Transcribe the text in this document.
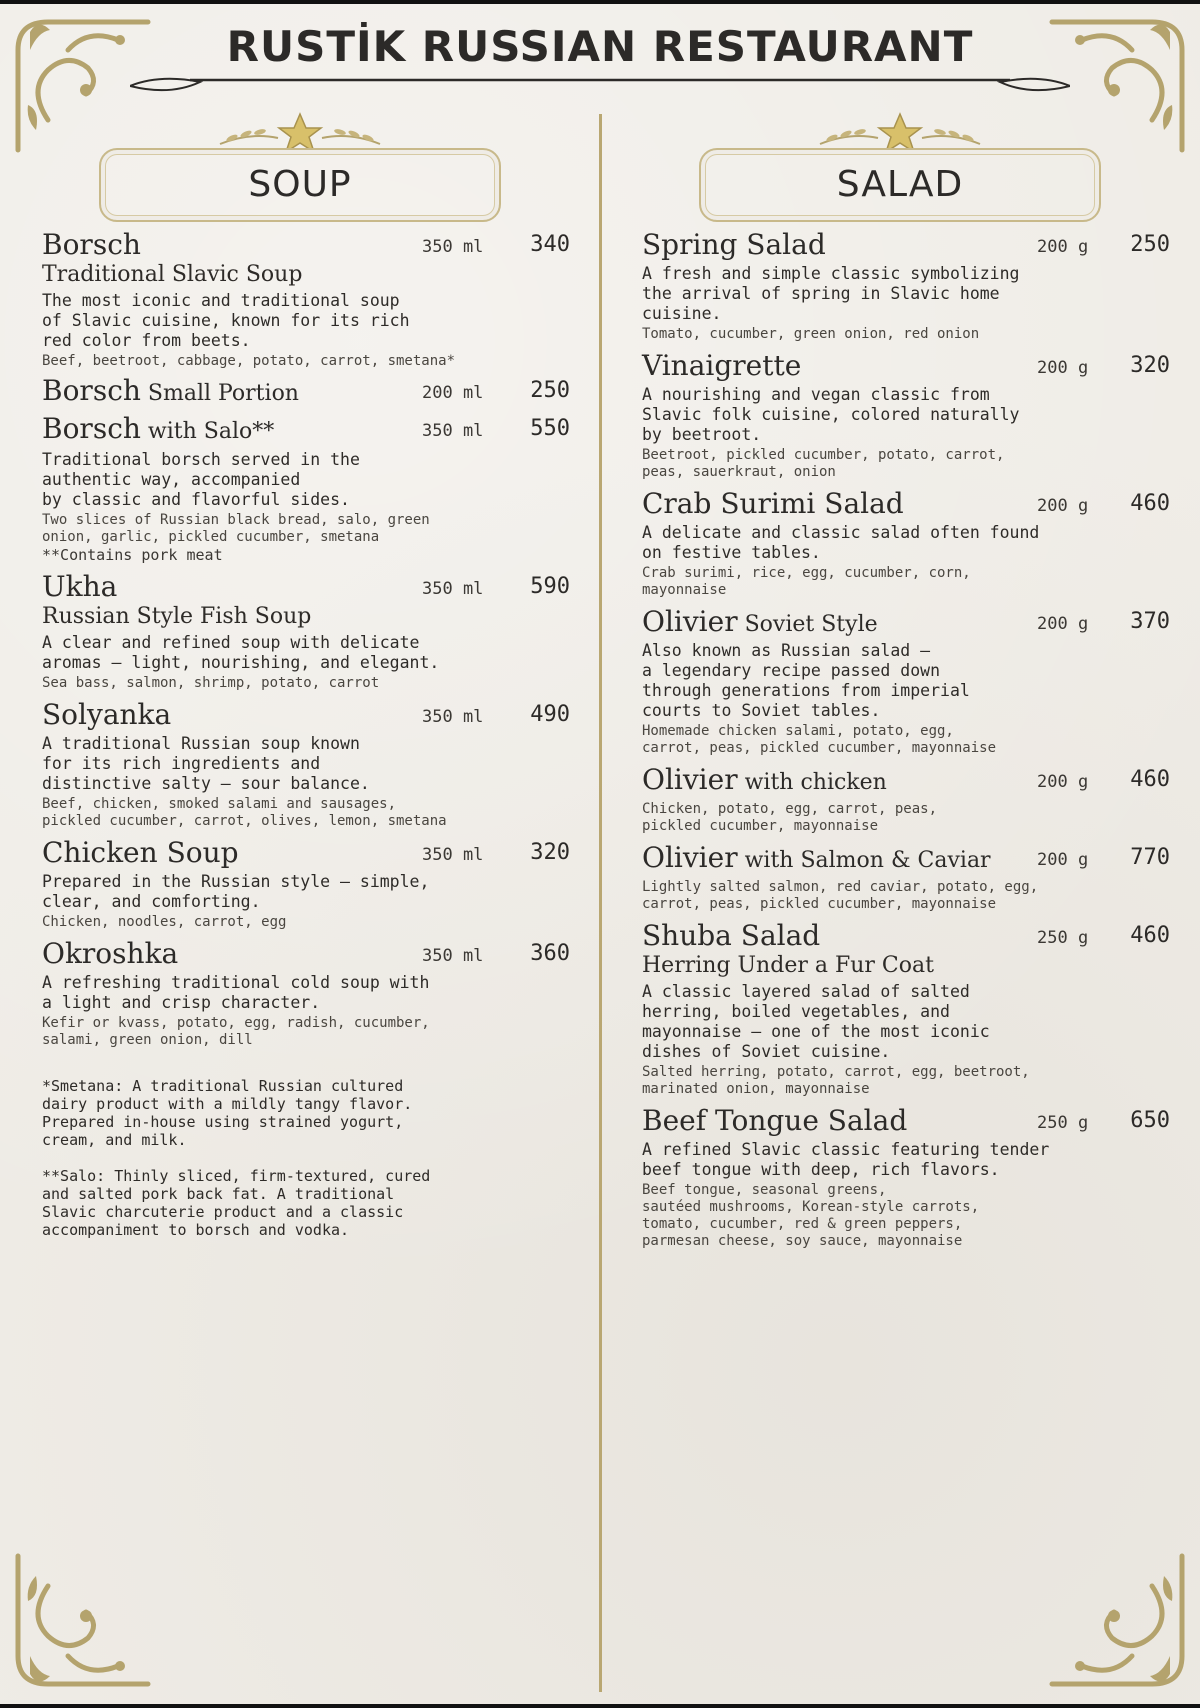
RUSTİK RUSSIAN RESTAURANT
SOUP	SALAD
Borsch	350 ml 340
Traditional Slavic Soup
The most iconic and traditional soup
of Slavic cuisine, known for its rich
red color from beets.
Beef, beetroot, cabbage, potato, carrot, smetana*
Borsch Small Portion	200 ml 250
Borsch with Salo**	350 ml 550
Traditional borsch served in the
authentic way, accompanied
by classic and flavorful sides.
Two slices of Russian black bread, salo, green
onion, garlic, pickled cucumber, smetana
**Contains pork meat
Ukha	350 ml 590
Russian Style Fish Soup
A clear and refined soup with delicate
aromas – light, nourishing, and elegant.
Sea bass, salmon, shrimp, potato, carrot
Solyanka	350 ml 490
A traditional Russian soup known
for its rich ingredients and
distinctive salty – sour balance.
Beef, chicken, smoked salami and sausages,
pickled cucumber, carrot, olives, lemon, smetana
Chicken Soup	350 ml 320
Prepared in the Russian style – simple,
clear, and comforting.
Chicken, noodles, carrot, egg
Okroshka	350 ml 360
A refreshing traditional cold soup with
a light and crisp character.
Kefir or kvass, potato, egg, radish, cucumber,
salami, green onion, dill
*Smetana: A traditional Russian cultured
dairy product with a mildly tangy flavor.
Prepared in-house using strained yogurt,
cream, and milk.
**Salo: Thinly sliced, firm-textured, cured
and salted pork back fat. A traditional
Slavic charcuterie product and a classic
accompaniment to borsch and vodka.
Spring Salad	200 g 250
A fresh and simple classic symbolizing
the arrival of spring in Slavic home
cuisine.
Tomato, cucumber, green onion, red onion
Vinaigrette	200 g 320
A nourishing and vegan classic from
Slavic folk cuisine, colored naturally
by beetroot.
Beetroot, pickled cucumber, potato, carrot,
peas, sauerkraut, onion
Crab Surimi Salad	200 g 460
A delicate and classic salad often found
on festive tables.
Crab surimi, rice, egg, cucumber, corn,
mayonnaise
Olivier Soviet Style	200 g 370
Also known as Russian salad —
a legendary recipe passed down
through generations from imperial
courts to Soviet tables.
Homemade chicken salami, potato, egg,
carrot, peas, pickled cucumber, mayonnaise
Olivier with chicken	200 g 460
Chicken, potato, egg, carrot, peas,
pickled cucumber, mayonnaise
Olivier with Salmon & Caviar	200 g 770
Lightly salted salmon, red caviar, potato, egg,
carrot, peas, pickled cucumber, mayonnaise
Shuba Salad	250 g 460
Herring Under a Fur Coat
A classic layered salad of salted
herring, boiled vegetables, and
mayonnaise — one of the most iconic
dishes of Soviet cuisine.
Salted herring, potato, carrot, egg, beetroot,
marinated onion, mayonnaise
Beef Tongue Salad	250 g 650
A refined Slavic classic featuring tender
beef tongue with deep, rich flavors.
Beef tongue, seasonal greens,
sautéed mushrooms, Korean-style carrots,
tomato, cucumber, red & green peppers,
parmesan cheese, soy sauce, mayonnaise
